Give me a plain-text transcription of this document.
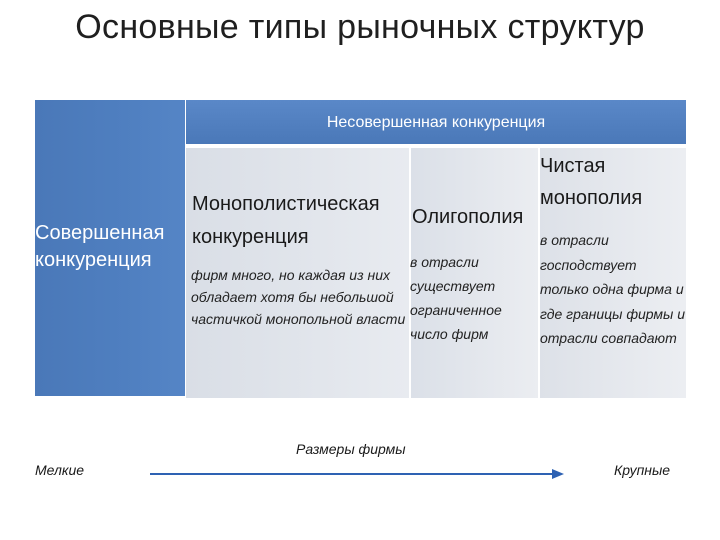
Основные типы рыночных структур
Несовершенная конкуренция
Совершенная
конкуренция
Монополистическая
конкуренция
фирм много, но каждая из них обладает хотя бы небольшой частичкой монопольной власти
Олигополия
в отрасли существует ограниченное число фирм
Чистая
монополия
в отрасли господствует только одна фирма и где границы фирмы и отрасли совпадают
Размеры фирмы
Мелкие	Крупные
